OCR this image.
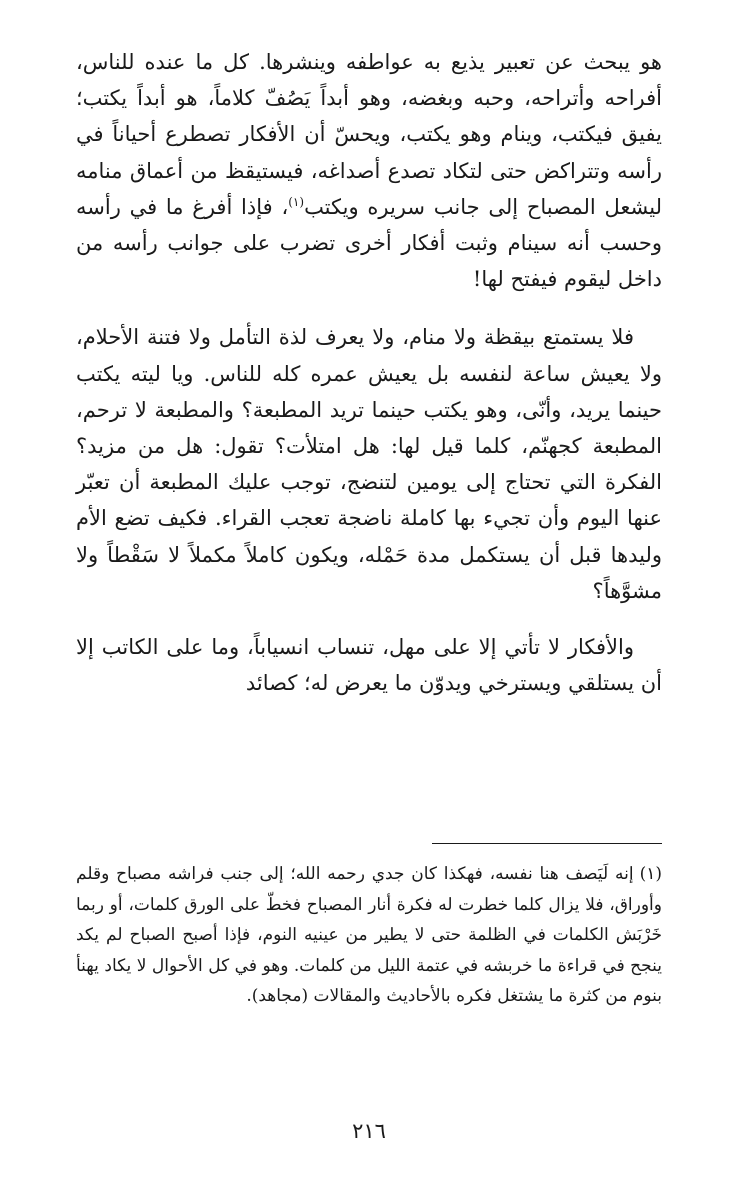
هو يبحث عن تعبير يذيع به عواطفه وينشرها. كل ما عنده للناس، أفراحه وأتراحه، وحبه وبغضه، وهو أبداً يَصُفّ كلاماً، هو أبداً يكتب؛ يفيق فيكتب، وينام وهو يكتب، ويحسّ أن الأفكار تصطرع أحياناً في رأسه وتتراكض حتى لتكاد تصدع أصداغه، فيستيقظ من أعماق منامه ليشعل المصباح إلى جانب سريره ويكتب$^{(١)}$، فإذا أفرغ ما في رأسه وحسب أنه سينام وثبت أفكار أخرى تضرب على جوانب رأسه من داخل ليقوم فيفتح لها!

فلا يستمتع بيقظة ولا منام، ولا يعرف لذة التأمل ولا فتنة الأحلام، ولا يعيش ساعة لنفسه بل يعيش عمره كله للناس. ويا ليته يكتب حينما يريد، وأنّى، وهو يكتب حينما تريد المطبعة؟ والمطبعة لا ترحم، المطبعة كجهنّم، كلما قيل لها: هل امتلأت؟ تقول: هل من مزيد؟ الفكرة التي تحتاج إلى يومين لتنضج، توجب عليك المطبعة أن تعبّر عنها اليوم وأن تجيء بها كاملة ناضجة تعجب القراء. فكيف تضع الأم وليدها قبل أن يستكمل مدة حَمْله، ويكون كاملاً مكملاً لا سَقْطاً ولا مشوَّهاً؟

والأفكار لا تأتي إلا على مهل، تنساب انسياباً، وما على الكاتب إلا أن يستلقي ويسترخي ويدوّن ما يعرض له؛ كصائد

(١)إنه لَيَصف هنا نفسه، فهكذا كان جدي رحمه الله؛ إلى جنب فراشه مصباح وقلم وأوراق، فلا يزال كلما خطرت له فكرة أنار المصباح فخطّ على الورق كلمات، أو ربما خَرْبَش الكلمات في الظلمة حتى لا يطير من عينيه النوم، فإذا أصبح الصباح لم يكد ينجح في قراءة ما خربشه في عتمة الليل من كلمات. وهو في كل الأحوال لا يكاد يهنأ بنوم من كثرة ما يشتغل فكره بالأحاديث والمقالات (مجاهد).

٢١٦
